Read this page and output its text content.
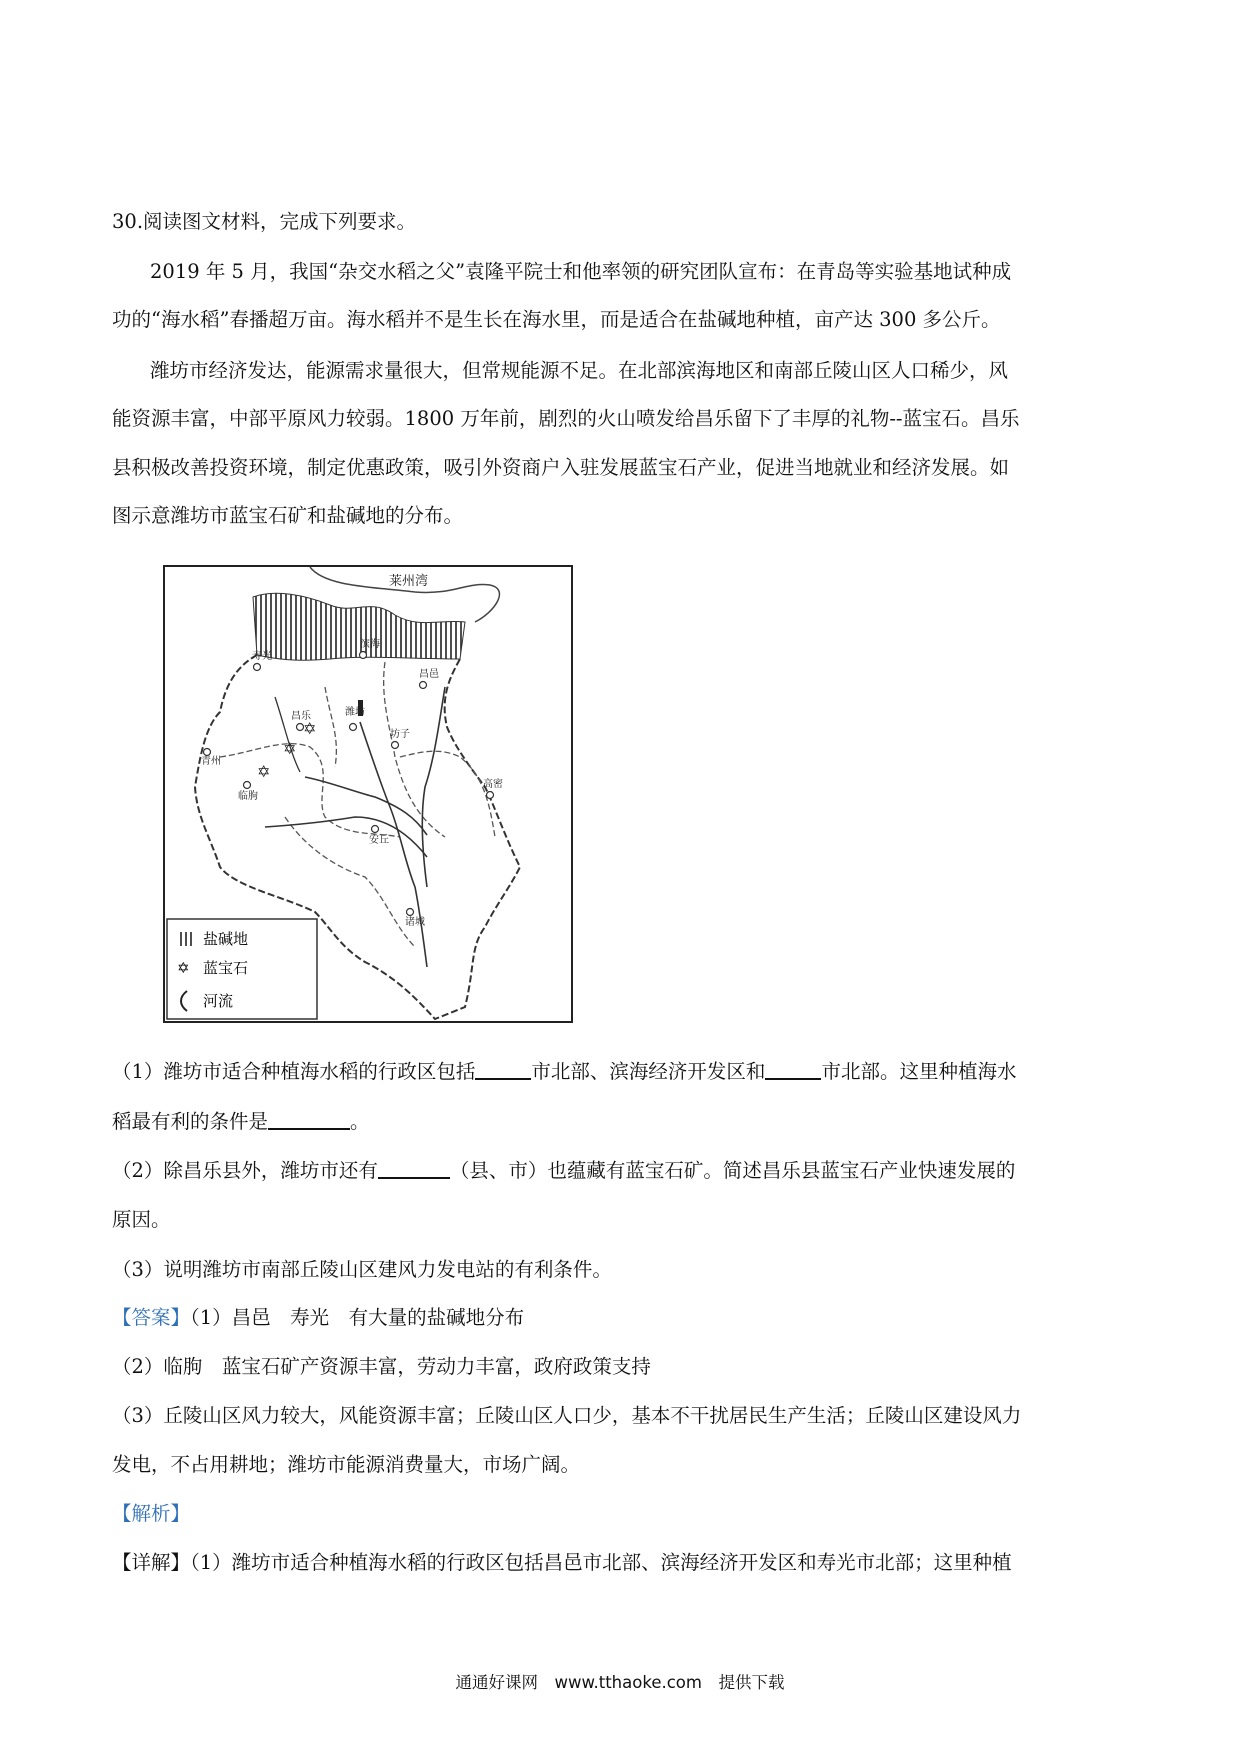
30.阅读图文材料，完成下列要求。
2019 年 5 月，我国“杂交水稻之父”袁隆平院士和他率领的研究团队宣布：在青岛等实验基地试种成
功的“海水稻”春播超万亩。海水稻并不是生长在海水里，而是适合在盐碱地种植，亩产达 300 多公斤。
潍坊市经济发达，能源需求量很大，但常规能源不足。在北部滨海地区和南部丘陵山区人口稀少，风
能资源丰富，中部平原风力较弱。1800 万年前，剧烈的火山喷发给昌乐留下了丰厚的礼物--蓝宝石。昌乐
县积极改善投资环境，制定优惠政策，吸引外资商户入驻发展蓝宝石产业，促进当地就业和经济发展。如
图示意潍坊市蓝宝石矿和盐碱地的分布。
✡
✡
✡
莱州湾
寿光
滨海
昌邑
潍坊
昌乐
青州
坊子
临朐
安丘
高密
诸城
盐碱地
✡ 蓝宝石
河流
（1）潍坊市适合种植海水稻的行政区包括	市北部、滨海经济开发区和	市北部。这里种植海水
稻最有利的条件是	。
（2）除昌乐县外，潍坊市还有	（县、市）也蕴藏有蓝宝石矿。简述昌乐县蓝宝石产业快速发展的
原因。
（3）说明潍坊市南部丘陵山区建风力发电站的有利条件。
【答案】（1）昌邑　寿光　有大量的盐碱地分布
（2）临朐　蓝宝石矿产资源丰富，劳动力丰富，政府政策支持
（3）丘陵山区风力较大，风能资源丰富；丘陵山区人口少，基本不干扰居民生产生活；丘陵山区建设风力
发电，不占用耕地；潍坊市能源消费量大，市场广阔。
【解析】
【详解】（1）潍坊市适合种植海水稻的行政区包括昌邑市北部、滨海经济开发区和寿光市北部；这里种植
通通好课网　www.tthaoke.com　提供下载
